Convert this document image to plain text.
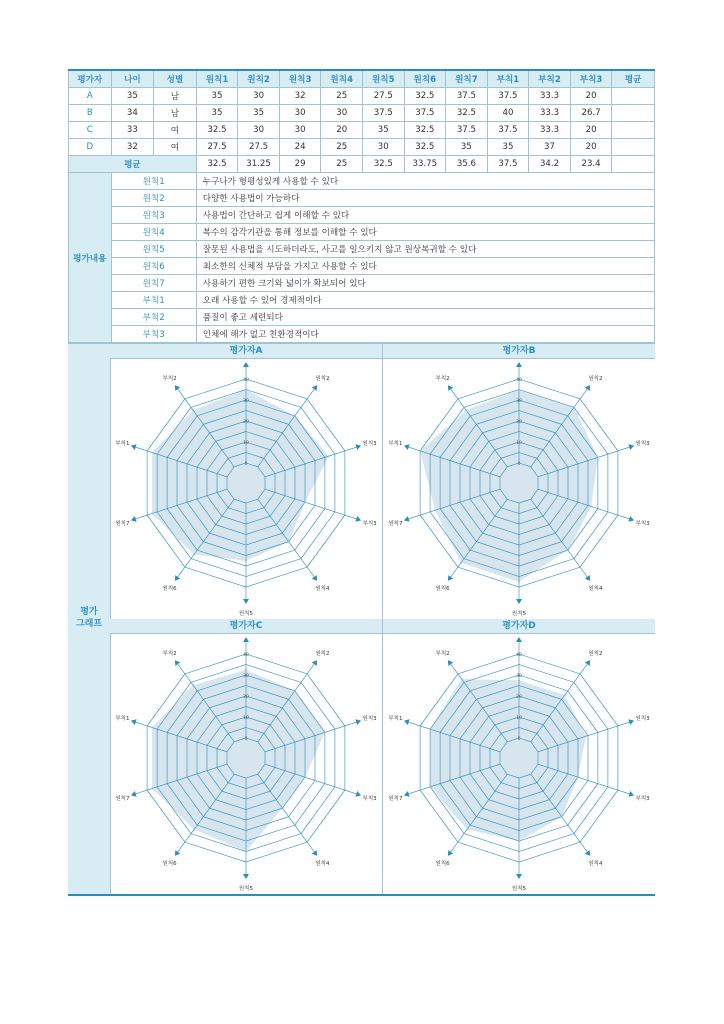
평가자	나이	성별	원칙1	원칙2	원칙3	원칙4	원칙5	원칙6	원칙7	부칙1	부칙2	부칙3	평균
A	35	남	35	30	32	25	27.5	32.5	37.5	37.5	33.3	20	
B	34	남	35	35	30	30	37.5	37.5	32.5	40	33.3	26.7	
C	33	여	32.5	30	30	20	35	32.5	37.5	37.5	33.3	20	
D	32	여	27.5	27.5	24	25	30	32.5	35	35	37	20	
평균			32.5	31.25	29	25	32.5	33.75	35.6	37.5	34.2	23.4	
평가내용	원칙1		누구나가 형평성있게 사용할 수 있다										
	원칙2		다양한 사용법이 가능하다										
	원칙3		사용법이 간단하고 쉽게 이해할 수 있다										
	원칙4		복수의 감각기관을 통해 정보를 이해할 수 있다										
	원칙5		잘못된 사용법을 시도하더라도, 사고를 일으키지 않고 원상복귀할 수 있다										
	원칙6		최소한의 신체적 부담을 가지고 사용할 수 있다										
	원칙7		사용하기 편한 크기와 넓이가 확보되어 있다										
	부칙1		오래 사용할 수 있어 경제적이다										
	부칙2		품질이 좋고 세련되다										
	부칙3		인체에 해가 없고 친환경적이다										
평가
그래프
평가자A
원칙2
원칙3
부칙3
원칙4
원칙5
원칙6
원칙7
부칙1
부칙2
0
10
20
30
40
평가자B
원칙2
원칙3
부칙3
원칙4
원칙5
원칙6
원칙7
부칙1
부칙2
0
10
20
30
40
평가자C
원칙2
원칙3
부칙3
원칙4
원칙5
원칙6
원칙7
부칙1
부칙2
0
10
20
30
40
평가자D
원칙2
원칙3
부칙3
원칙4
원칙5
원칙6
원칙7
부칙1
부칙2
0
10
20
30
40
